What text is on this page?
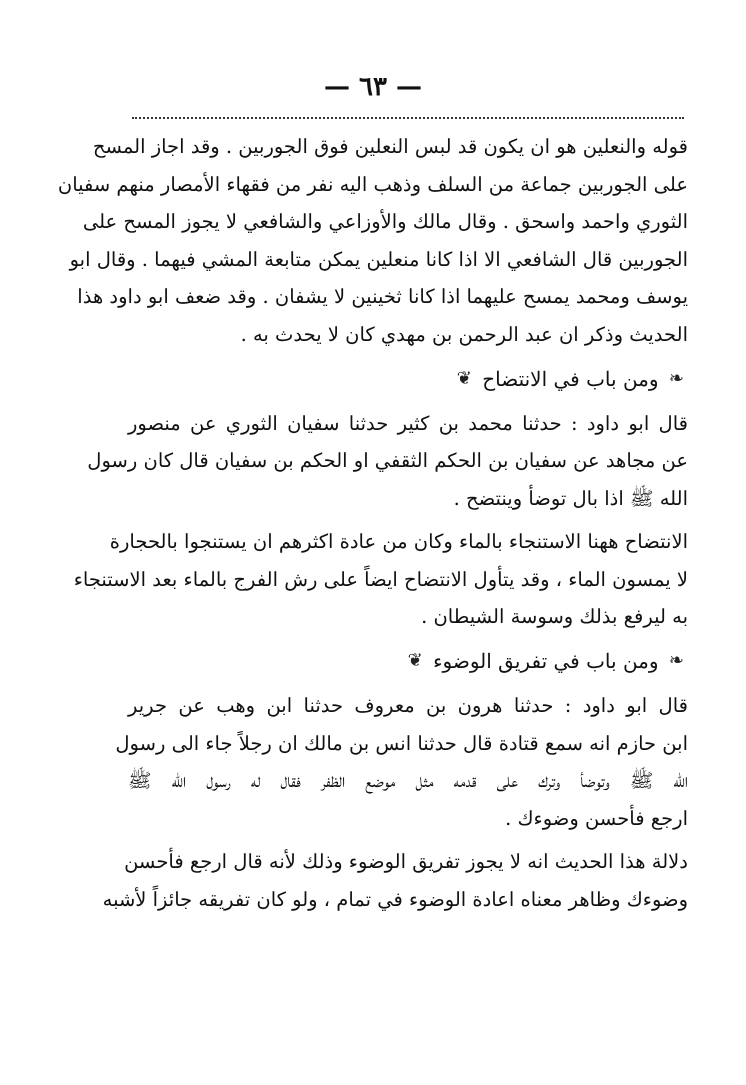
— ٦٣ —
قوله والنعلين هو ان يكون قد لبس النعلين فوق الجوربين . وقد اجاز المسح
على الجوربين جماعة من السلف وذهب اليه نفر من فقهاء الأمصار منهم سفيان
الثوري واحمد واسحق . وقال مالك والأوزاعي والشافعي لا يجوز المسح على
الجوربين قال الشافعي الا اذا كانا منعلين يمكن متابعة المشي فيهما . وقال ابو
يوسف ومحمد يمسح عليهما اذا كانا ثخينين لا يشفان . وقد ضعف ابو داود هذا
الحديث وذكر ان عبد الرحمن بن مهدي كان لا يحدث به .
❧ ومن باب في الانتضاح ❦
قال ابو داود : حدثنا محمد بن كثير حدثنا سفيان الثوري عن منصور
عن مجاهد عن سفيان بن الحكم الثقفي او الحكم بن سفيان قال كان رسول
الله ﷺ اذا بال توضأ وينتضح .
الانتضاح ههنا الاستنجاء بالماء وكان من عادة اكثرهم ان يستنجوا بالحجارة
لا يمسون الماء ، وقد يتأول الانتضاح ايضاً على رش الفرج بالماء بعد الاستنجاء
به ليرفع بذلك وسوسة الشيطان .
❧ ومن باب في تفريق الوضوء ❦
قال ابو داود : حدثنا هرون بن معروف حدثنا ابن وهب عن جرير
ابن حازم انه سمع قتادة قال حدثنا انس بن مالك ان رجلاً جاء الى رسول
الله ﷺ وتوضأ وترك على قدمه مثل موضع الظفر فقال له رسول الله ﷺ
ارجع فأحسن وضوءك .
دلالة هذا الحديث انه لا يجوز تفريق الوضوء وذلك لأنه قال ارجع فأحسن
وضوءك وظاهر معناه اعادة الوضوء في تمام ، ولو كان تفريقه جائزاً لأشبه
